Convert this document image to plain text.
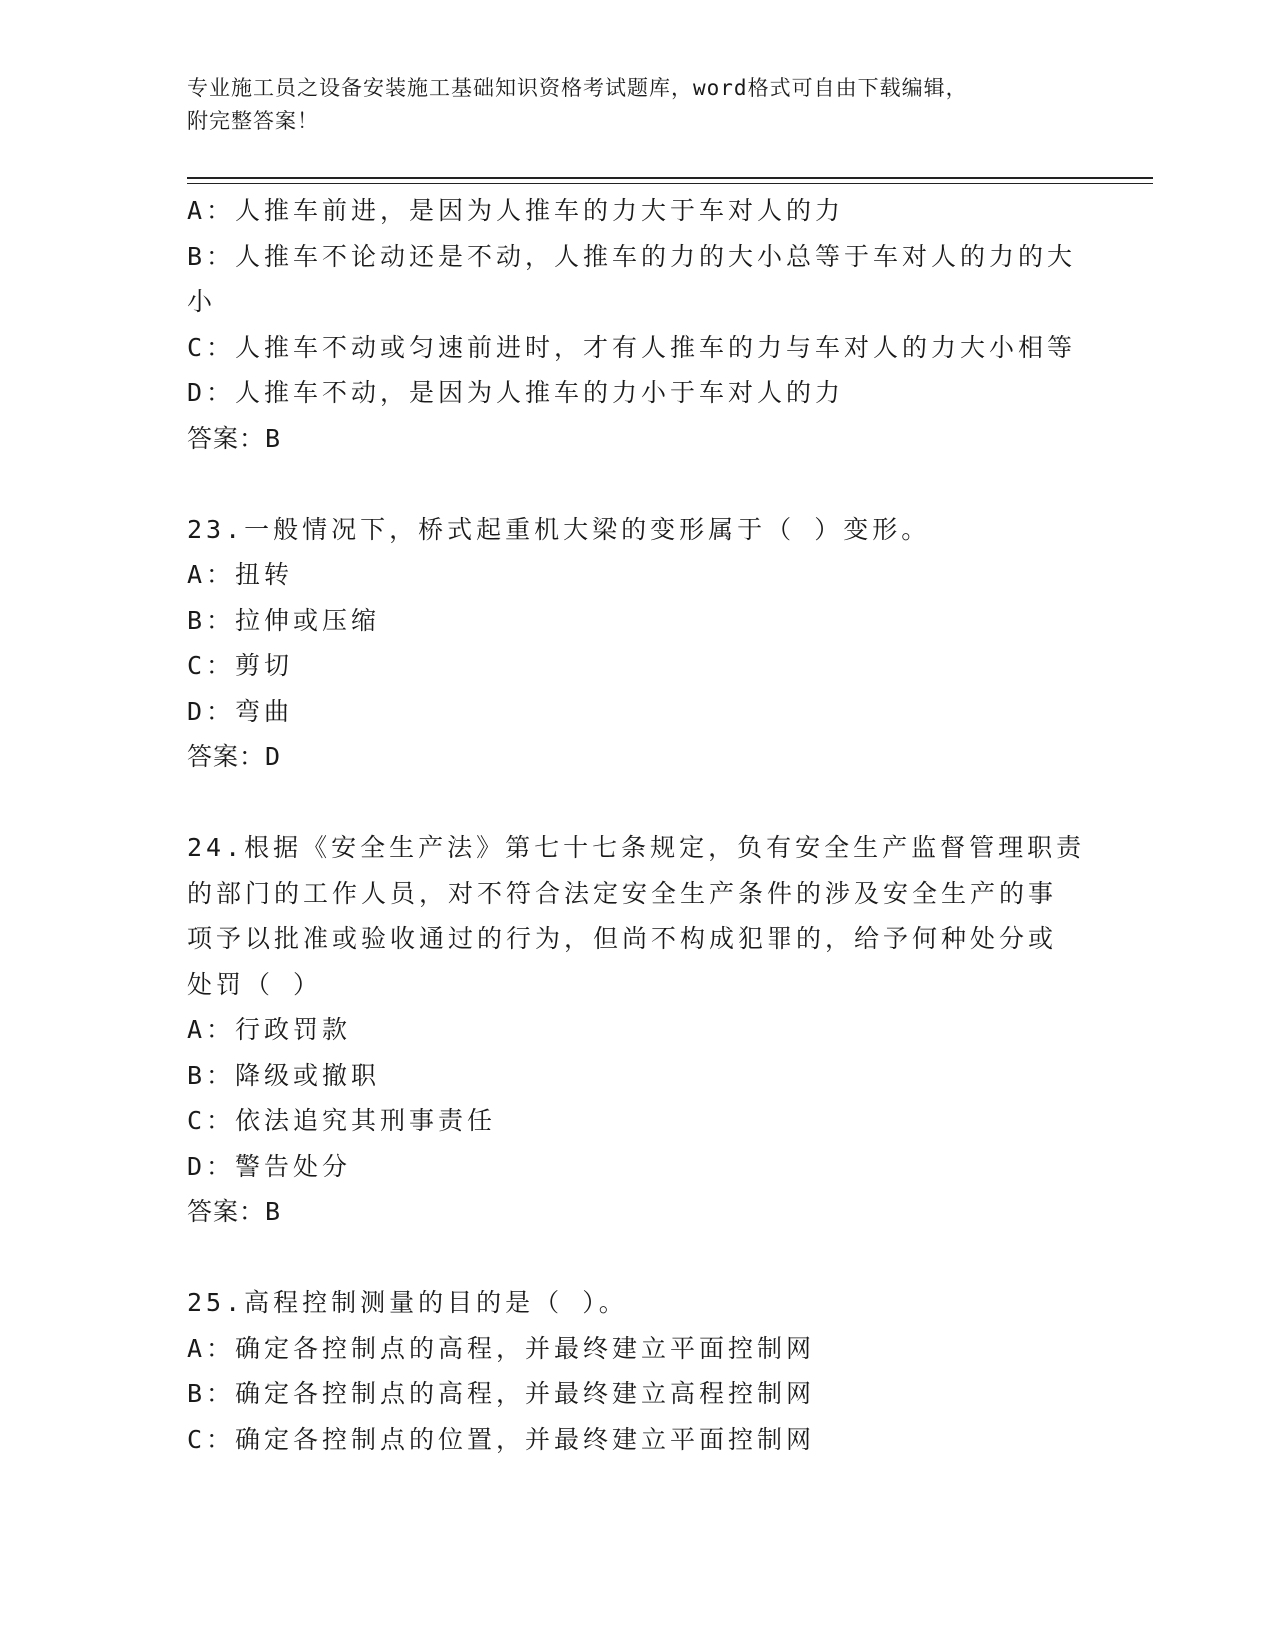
专业施工员之设备安装施工基础知识资格考试题库，word格式可自由下载编辑，
附完整答案！
A：人推车前进，是因为人推车的力大于车对人的力
B：人推车不论动还是不动，人推车的力的大小总等于车对人的力的大
小
C：人推车不动或匀速前进时，才有人推车的力与车对人的力大小相等
D：人推车不动，是因为人推车的力小于车对人的力
答案：B
23.一般情况下，桥式起重机大梁的变形属于（ ）变形。
A：扭转
B：拉伸或压缩
C：剪切
D：弯曲
答案：D
24.根据《安全生产法》第七十七条规定，负有安全生产监督管理职责
的部门的工作人员，对不符合法定安全生产条件的涉及安全生产的事
项予以批准或验收通过的行为，但尚不构成犯罪的，给予何种处分或
处罚（ ）
A：行政罚款
B：降级或撤职
C：依法追究其刑事责任
D：警告处分
答案：B
25.高程控制测量的目的是（ ）。
A：确定各控制点的高程，并最终建立平面控制网
B：确定各控制点的高程，并最终建立高程控制网
C：确定各控制点的位置，并最终建立平面控制网
